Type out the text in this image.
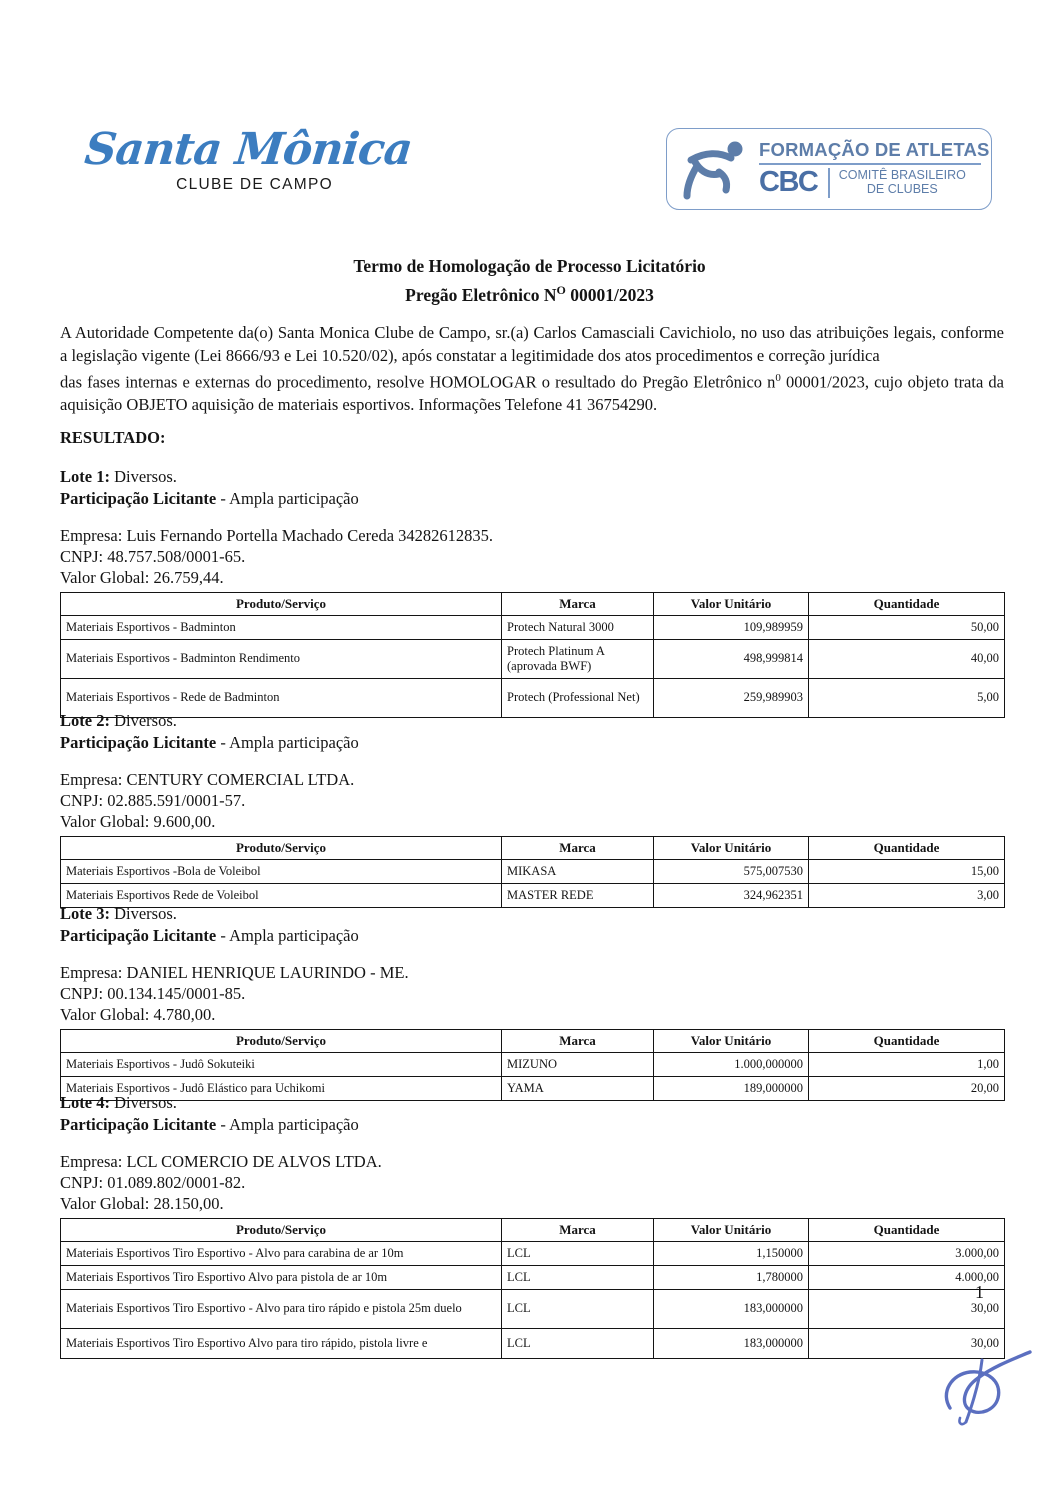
Santa Mônica
CLUBE DE CAMPO
FORMAÇÃO DE ATLETAS
CBC COMITÊ BRASILEIRO
DE CLUBES
Termo de Homologação de Processo Licitatório
Pregão Eletrônico $N^O$ 00001/2023
A Autoridade Competente da(o) Santa Monica Clube de Campo, sr.(a) Carlos Camasciali Cavichiolo, no uso das atribuições legais, conforme a legislação vigente (Lei 8666/93 e Lei 10.520/02), após constatar a legitimidade dos atos procedimentos e correção jurídica
das fases internas e externas do procedimento, resolve HOMOLOGAR o resultado do Pregão Eletrônico $n^0$ 00001/2023, cujo objeto trata da aquisição OBJETO aquisição de materiais esportivos. Informações Telefone 41 36754290.
RESULTADO:
Lote 1: Diversos.
Participação Licitante - Ampla participação
Empresa: Luis Fernando Portella Machado Cereda 34282612835.
CNPJ: 48.757.508/0001-65.
Valor Global: 26.759,44.
Produto/Serviço	Marca	Valor Unitário	Quantidade
Materiais Esportivos - Badminton	Protech Natural 3000	109,989959	50,00
Materiais Esportivos - Badminton Rendimento	Protech Platinum A (aprovada BWF)	498,999814	40,00
Materiais Esportivos - Rede de Badminton	Protech (Professional Net)	259,989903	5,00
Lote 2: Diversos.
Participação Licitante - Ampla participação
Empresa: CENTURY COMERCIAL LTDA.
CNPJ: 02.885.591/0001-57.
Valor Global: 9.600,00.
Produto/Serviço	Marca	Valor Unitário	Quantidade
Materiais Esportivos -Bola de Voleibol	MIKASA	575,007530	15,00
Materiais Esportivos Rede de Voleibol	MASTER REDE	324,962351	3,00
Lote 3: Diversos.
Participação Licitante - Ampla participação
Empresa: DANIEL HENRIQUE LAURINDO - ME.
CNPJ: 00.134.145/0001-85.
Valor Global: 4.780,00.
Produto/Serviço	Marca	Valor Unitário	Quantidade
Materiais Esportivos - Judô Sokuteiki	MIZUNO	1.000,000000	1,00
Materiais Esportivos - Judô Elástico para Uchikomi	YAMA	189,000000	20,00
Lote 4: Diversos.
Participação Licitante - Ampla participação
Empresa: LCL COMERCIO DE ALVOS LTDA.
CNPJ: 01.089.802/0001-82.
Valor Global: 28.150,00.
Produto/Serviço	Marca	Valor Unitário	Quantidade
Materiais Esportivos Tiro Esportivo - Alvo para carabina de ar 10m	LCL	1,150000	3.000,00
Materiais Esportivos Tiro Esportivo Alvo para pistola de ar 10m	LCL	1,780000	4.000,00
Materiais Esportivos Tiro Esportivo - Alvo para tiro rápido e pistola 25m duelo	LCL	183,000000	30,00
Materiais Esportivos Tiro Esportivo Alvo para tiro rápido, pistola livre e	LCL	183,000000	30,00
1
